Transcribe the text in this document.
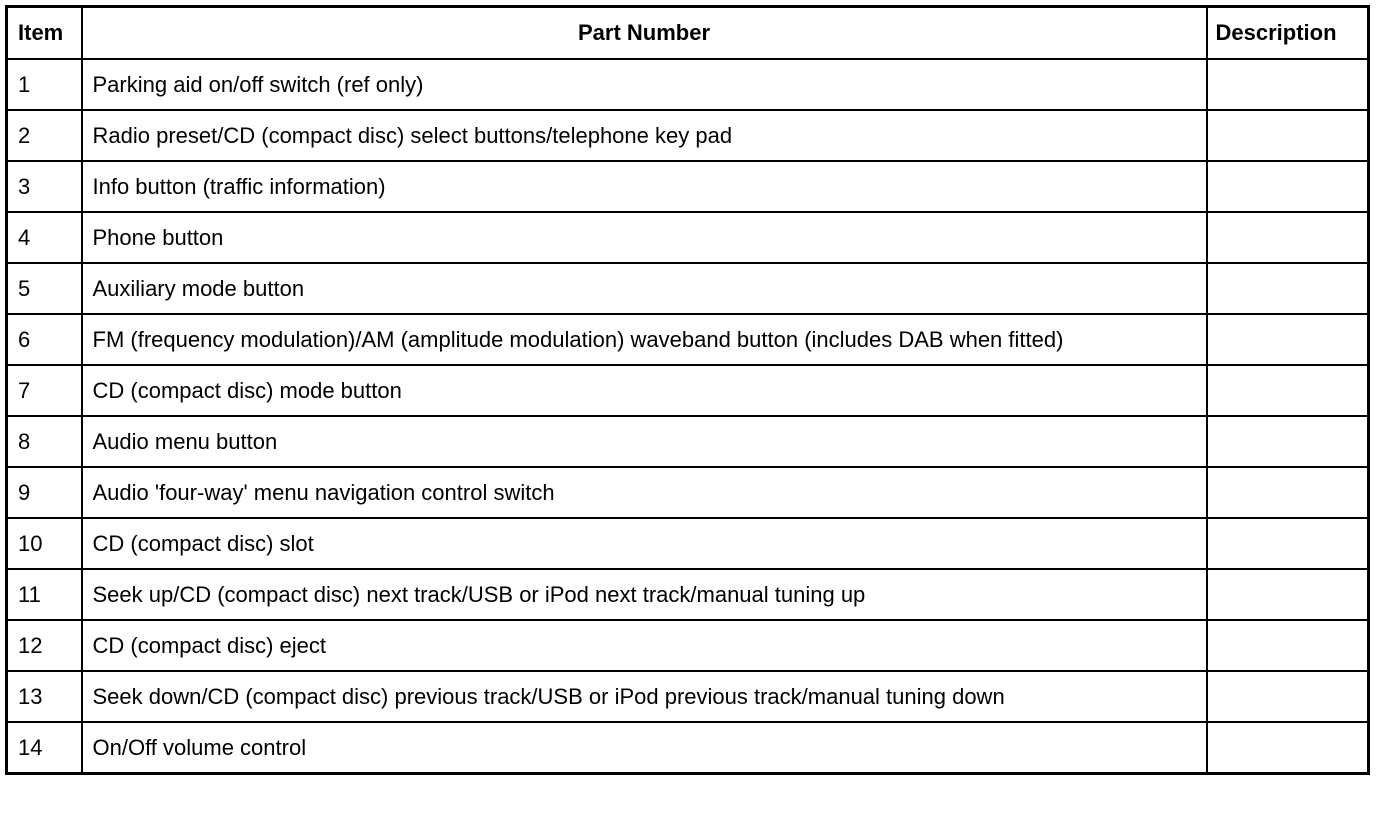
Item	Part Number	Description
1	Parking aid on/off switch (ref only)	
2	Radio preset/CD (compact disc) select buttons/telephone key pad	
3	Info button (traffic information)	
4	Phone button	
5	Auxiliary mode button	
6	FM (frequency modulation)/AM (amplitude modulation) waveband button (includes DAB when fitted)	
7	CD (compact disc) mode button	
8	Audio menu button	
9	Audio 'four-way' menu navigation control switch	
10	CD (compact disc) slot	
11	Seek up/CD (compact disc) next track/USB or iPod next track/manual tuning up	
12	CD (compact disc) eject	
13	Seek down/CD (compact disc) previous track/USB or iPod previous track/manual tuning down	
14	On/Off volume control	
